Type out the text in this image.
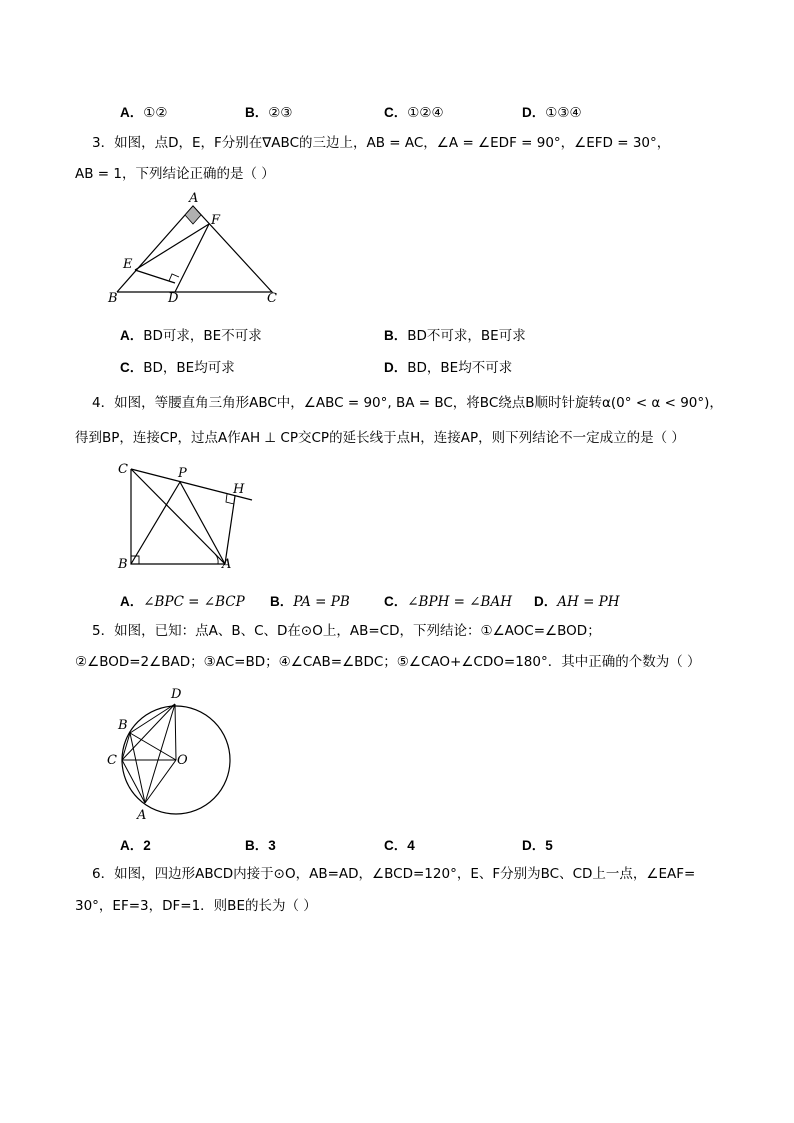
A．①②	B．②③	C．①②④	D．①③④
3．如图，点D，E，F分别在∇ABC的三边上，AB = AC，∠A = ∠EDF = 90°，∠EFD = 30°，
AB = 1，下列结论正确的是（ ）
A
F
E
B	D	C
A．BD可求，BE不可求	B．BD不可求，BE可求
C．BD，BE均可求	D．BD，BE均不可求
4．如图，等腰直角三角形ABC中，∠ABC = 90°, BA = BC，将BC绕点B顺时针旋转α(0° < α < 90°)，
得到BP，连接CP，过点A作AH ⊥ CP交CP的延长线于点H，连接AP，则下列结论不一定成立的是（ ）
C	P
H
B	A
A．∠BPC = ∠BCP B．PA = PB	C．∠BPH = ∠BAH D．AH = PH
5．如图，已知：点A、B、C、D在⊙O上，AB=CD，下列结论：①∠AOC=∠BOD；
②∠BOD=2∠BAD；③AC=BD；④∠CAB=∠BDC；⑤∠CAO+∠CDO=180°．其中正确的个数为（ ）
D
B
C	O
A
A．2	B．3	C．4	D．5
6．如图，四边形ABCD内接于⊙O，AB=AD，∠BCD=120°，E、F分别为BC、CD上一点，∠EAF=
30°，EF=3，DF=1．则BE的长为（ ）
